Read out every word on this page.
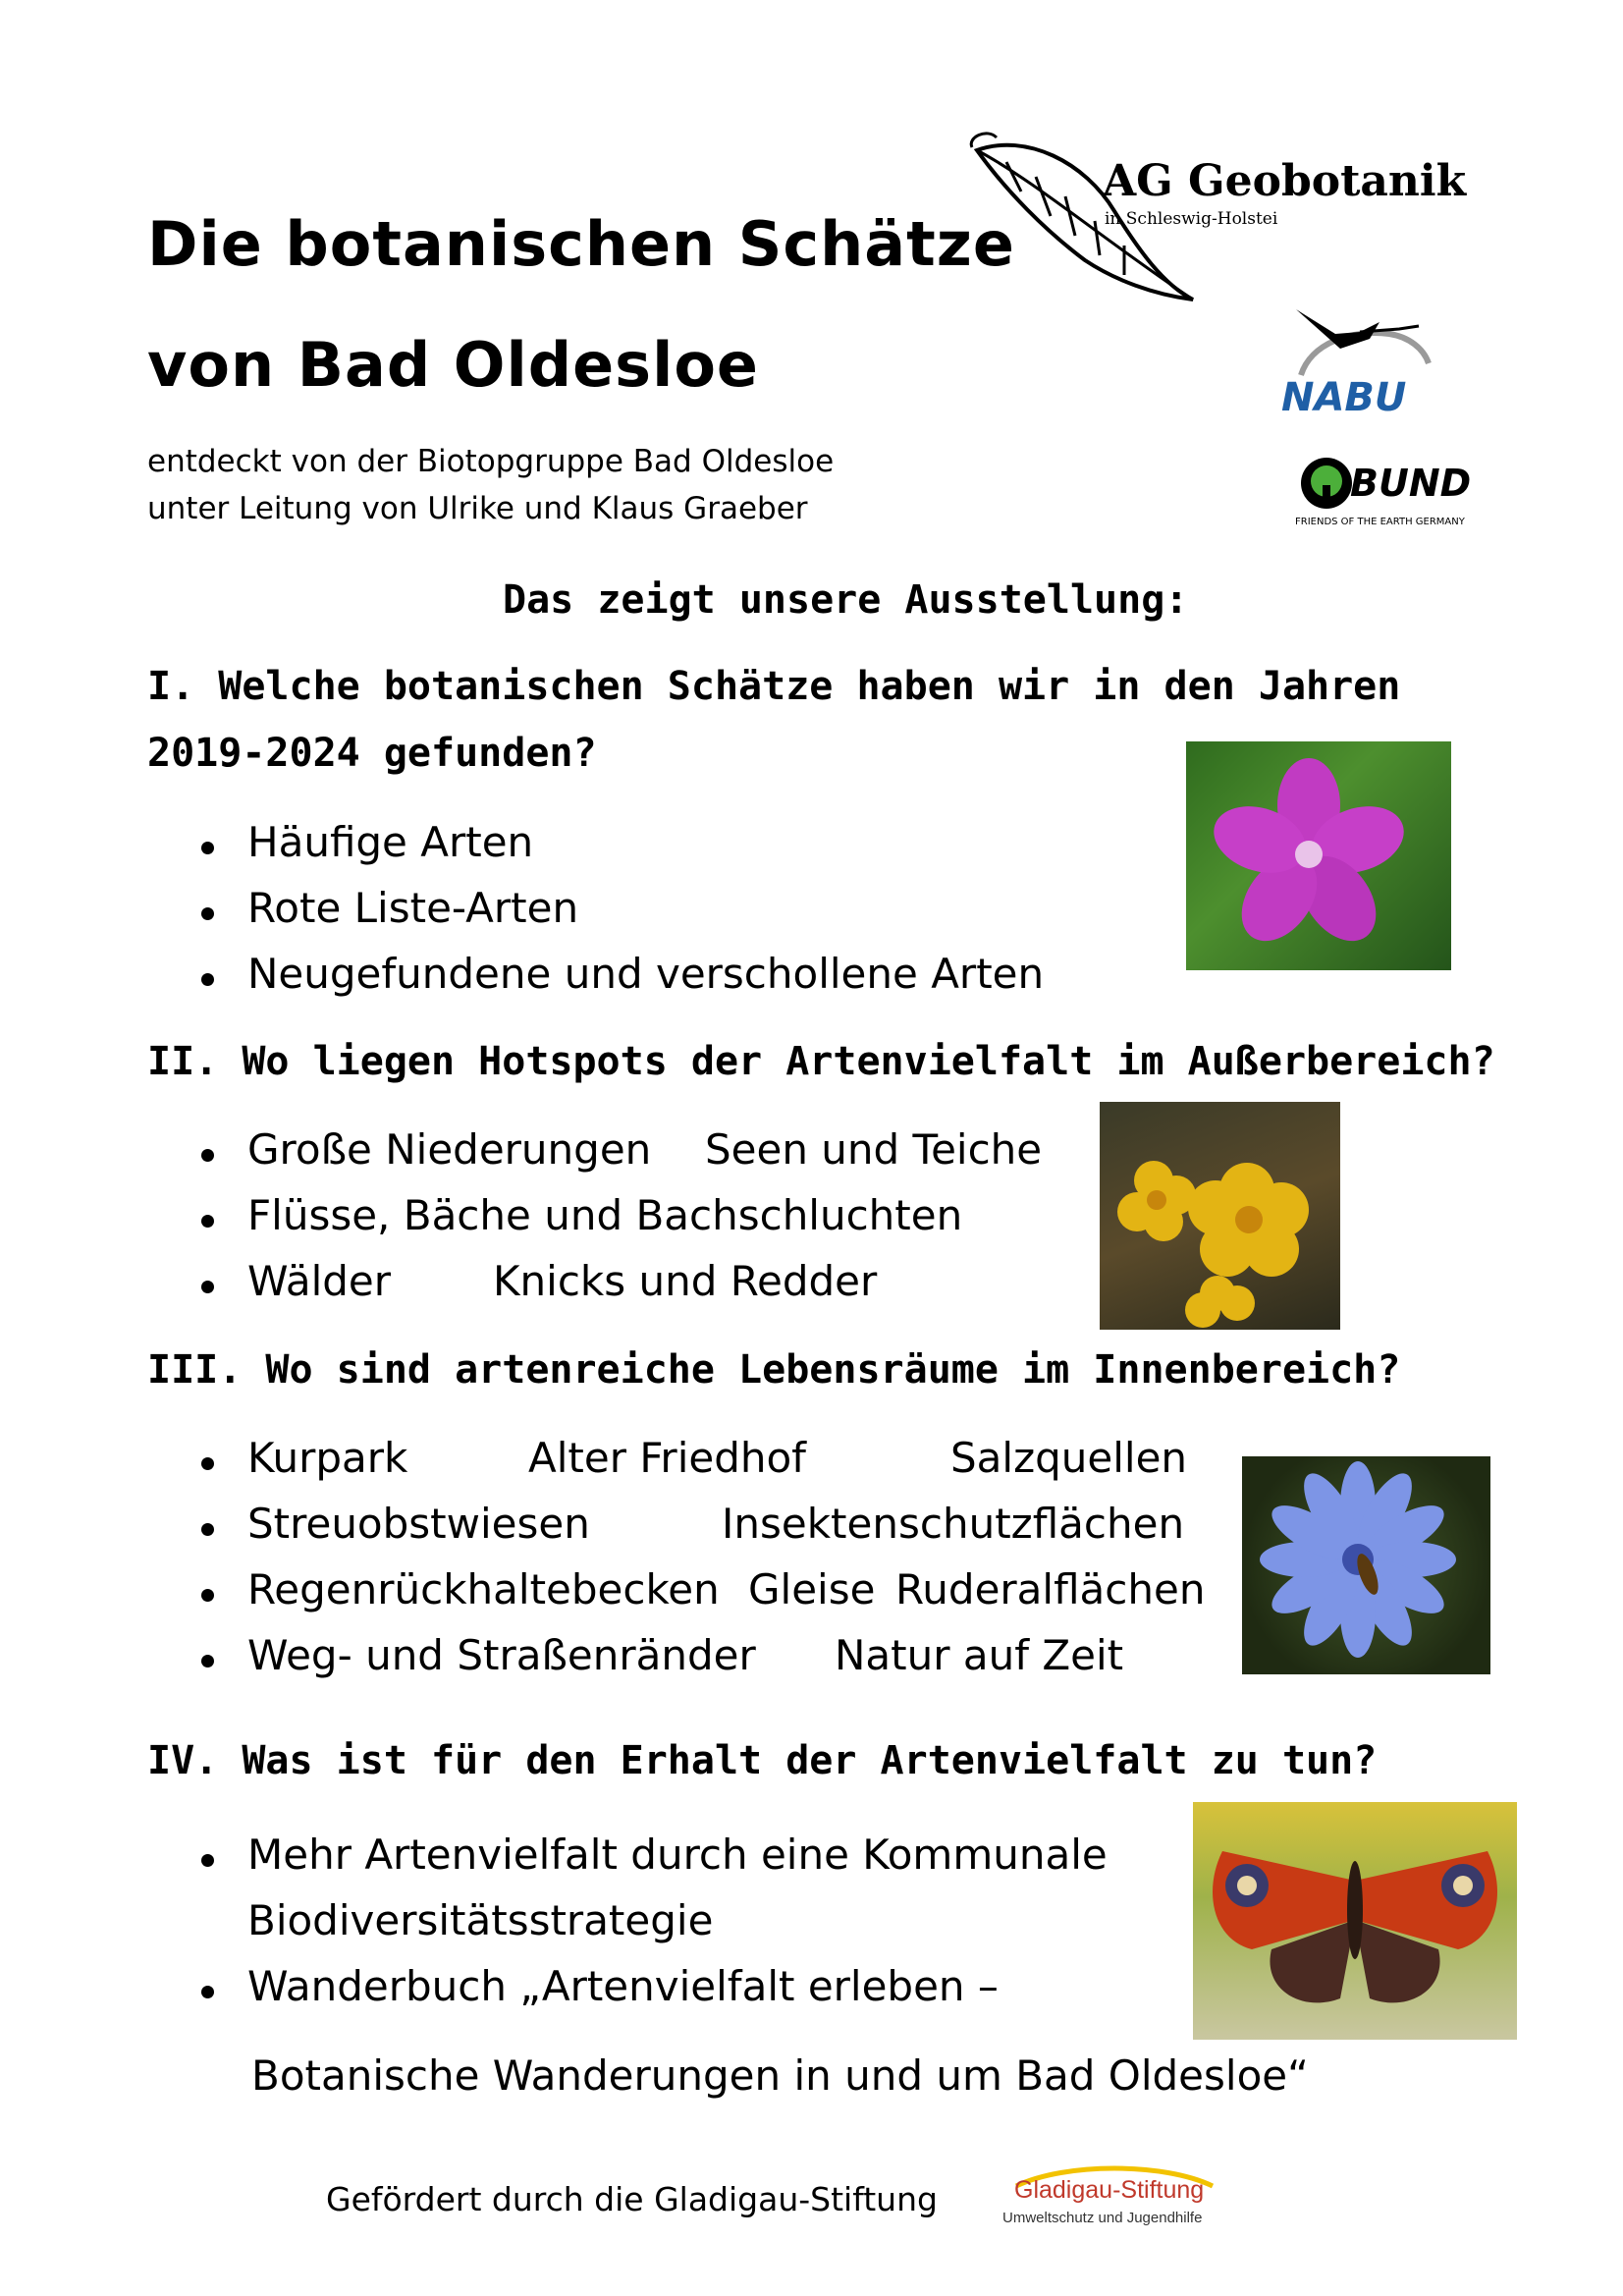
Die botanischen Schätze
von Bad Oldesloe
entdeckt von der Biotopgruppe Bad Oldesloe
unter Leitung von Ulrike und Klaus Graeber
AG Geobotanik
in Schleswig-Holstei
NABU
BUND
FRIENDS OF THE EARTH GERMANY
Das zeigt unsere Ausstellung:
I. Welche botanischen Schätze haben wir in den Jahren
2019-2024 gefunden?
Häufige Arten
Rote Liste-Arten
Neugefundene und verschollene Arten
II. Wo liegen Hotspots der Artenvielfalt im Außerbereich?
Große Niederungen Seen und Teiche
Flüsse, Bäche und Bachschluchten
Wälder Knicks und Redder
III. Wo sind artenreiche Lebensräume im Innenbereich?
Kurpark	Alter Friedhof	Salzquellen
Streuobstwiesen	Insektenschutzflächen
Regenrückhaltebecken Gleise Ruderalflächen
Weg- und Straßenränder Natur auf Zeit
IV. Was ist für den Erhalt der Artenvielfalt zu tun?
Mehr Artenvielfalt durch eine Kommunale
Biodiversitätsstrategie
Wanderbuch „Artenvielfalt erleben –
Botanische Wanderungen in und um Bad Oldesloe“
Gefördert durch die Gladigau-Stiftung	Gladigau-Stiftung
Umweltschutz und Jugendhilfe
